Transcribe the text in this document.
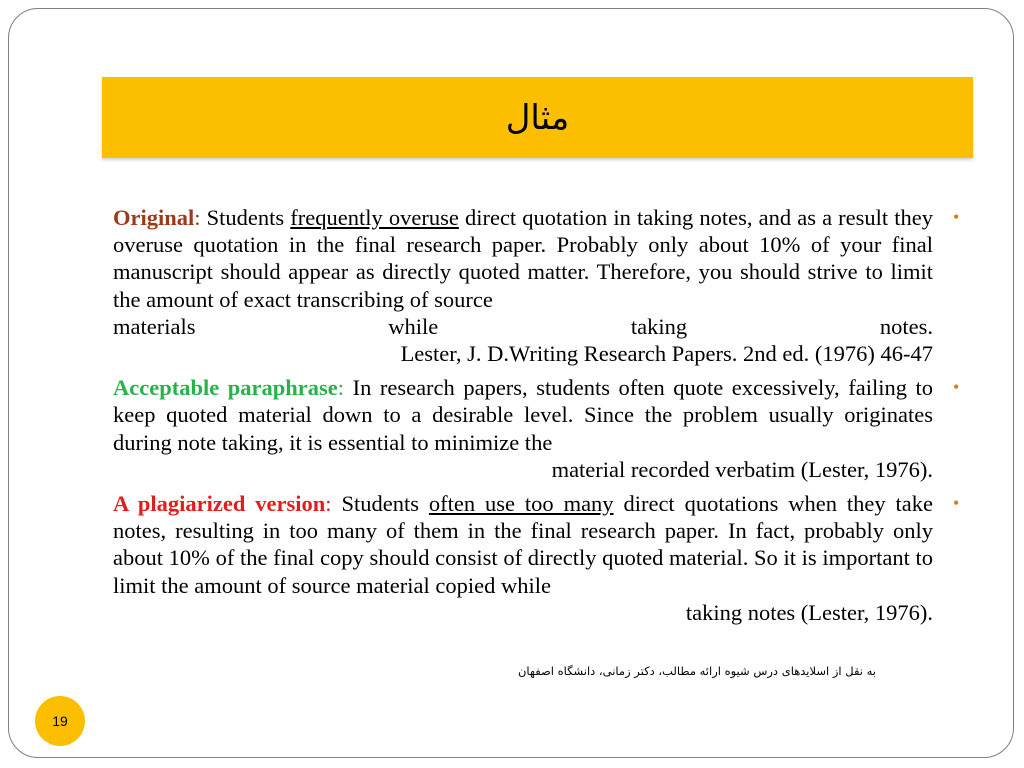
مثال
•
Original: Students frequently overuse direct quotation in taking notes, and as a result they overuse quotation in the final research paper. Probably only about 10% of your final manuscript should appear as directly quoted matter. Therefore, you should strive to limit the amount of exact transcribing of source
materials while taking notes.
Lester, J. D.Writing Research Papers. 2nd ed. (1976) 46-47
•
Acceptable paraphrase: In research papers, students often quote excessively, failing to keep quoted material down to a desirable level. Since the problem usually originates during note taking, it is essential to minimize the
material recorded verbatim (Lester, 1976).
•
A plagiarized version: Students often use too many direct quotations when they take notes, resulting in too many of them in the final research paper. In fact, probably only about 10% of the final copy should consist of directly quoted material. So it is important to limit the amount of source material copied while
taking notes (Lester, 1976).
به نقل از اسلایدهای درس شیوه ارائه مطالب، دکتر زمانی، دانشگاه اصفهان
19
